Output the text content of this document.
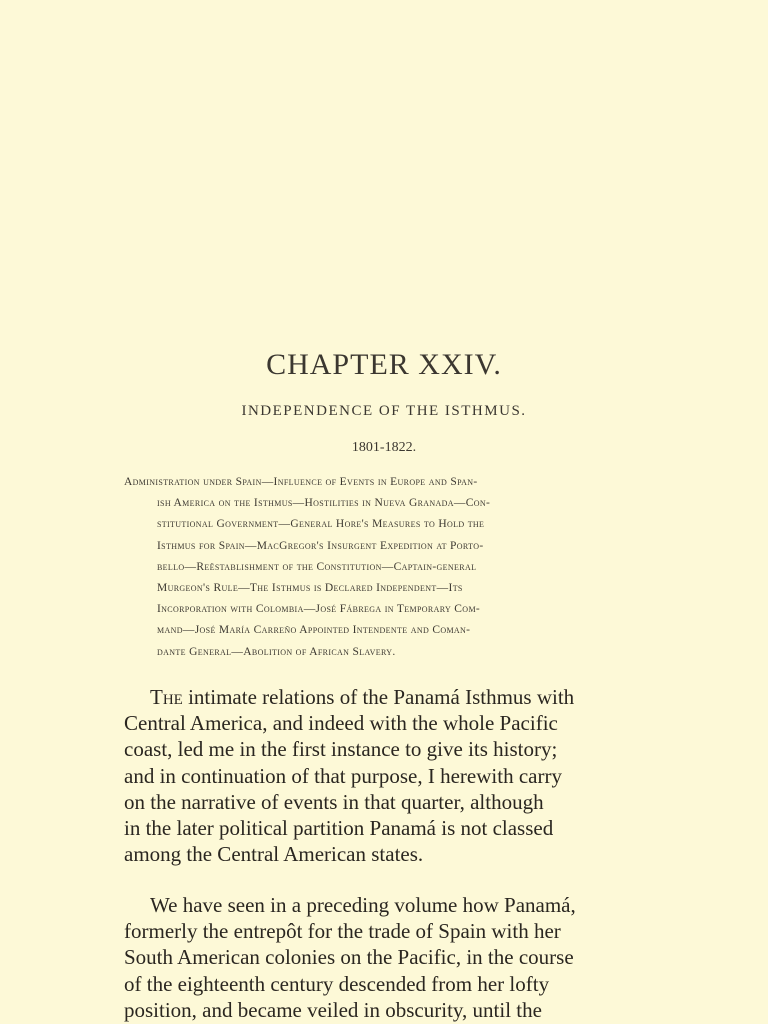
CHAPTER XXIV.
INDEPENDENCE OF THE ISTHMUS.
1801-1822.
Administration under Spain—Influence of Events in Europe and Span-
ish America on the Isthmus—Hostilities in Nueva Granada—Con-
stitutional Government—General Hore's Measures to Hold the
Isthmus for Spain—MacGregor's Insurgent Expedition at Porto-
bello—Reëstablishment of the Constitution—Captain-general
Murgeon's Rule—The Isthmus is Declared Independent—Its
Incorporation with Colombia—José Fábrega in Temporary Com-
mand—José María Carreño Appointed Intendente and Coman-
dante General—Abolition of African Slavery.
The intimate relations of the Panamá Isthmus with
Central America, and indeed with the whole Pacific
coast, led me in the first instance to give its history;
and in continuation of that purpose, I herewith carry
on the narrative of events in that quarter, although
in the later political partition Panamá is not classed
among the Central American states.
We have seen in a preceding volume how Panamá,
formerly the entrepôt for the trade of Spain with her
South American colonies on the Pacific, in the course
of the eighteenth century descended from her lofty
position, and became veiled in obscurity, until the
